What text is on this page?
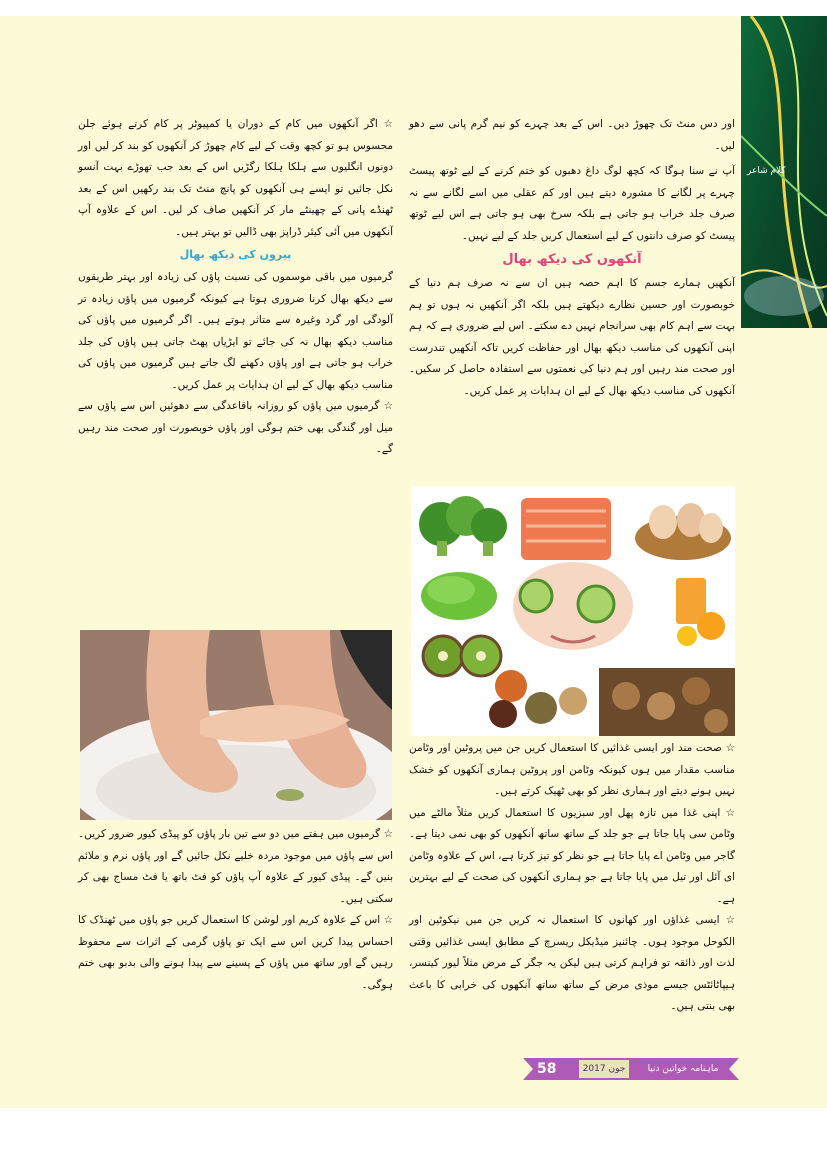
کلام شاعر

اور دس منٹ تک چھوڑ دیں۔ اس کے بعد چہرے کو نیم گرم پانی سے دھو لیں۔

آپ نے سنا ہوگا کہ کچھ لوگ داغ دھبوں کو ختم کرنے کے لیے ٹوتھ پیسٹ چہرے پر لگانے کا مشورہ دیتے ہیں اور کم عقلی میں اسے لگانے سے نہ صرف جلد خراب ہو جاتی ہے بلکہ سرخ بھی ہو جاتی ہے اس لیے ٹوتھ پیسٹ کو صرف دانتوں کے لیے استعمال کریں جلد کے لیے نہیں۔

آنکھوں کی دیکھ بھال

آنکھیں ہمارے جسم کا اہم حصہ ہیں ان سے نہ صرف ہم دنیا کے خوبصورت اور حسین نظارے دیکھتے ہیں بلکہ اگر آنکھیں نہ ہوں تو ہم بہت سے اہم کام بھی سرانجام نہیں دے سکتے۔ اس لیے ضروری ہے کہ ہم اپنی آنکھوں کی مناسب دیکھ بھال اور حفاظت کریں تاکہ آنکھیں تندرست اور صحت مند رہیں اور ہم دنیا کی نعمتوں سے استفادہ حاصل کر سکیں۔ آنکھوں کی مناسب دیکھ بھال کے لیے ان ہدایات پر عمل کریں۔

☆ صحت مند اور ایسی غذائیں کا استعمال کریں جن میں پروٹین اور وٹامن مناسب مقدار میں ہوں کیونکہ وٹامن اور پروٹین ہماری آنکھوں کو خشک نہیں ہونے دیتے اور ہماری نظر کو بھی ٹھیک کرتے ہیں۔

☆ اپنی غذا میں تازہ پھل اور سبزیوں کا استعمال کریں مثلاً مالٹے میں وٹامن سی پایا جاتا ہے جو جلد کے ساتھ ساتھ آنکھوں کو بھی نمی دیتا ہے۔ گاجر میں وٹامن اے پایا جاتا ہے جو نظر کو تیز کرتا ہے، اس کے علاوہ وٹامن ای آئل اور تیل میں پایا جاتا ہے جو ہماری آنکھوں کی صحت کے لیے بہترین ہے۔

☆ ایسی غذاؤں اور کھانوں کا استعمال نہ کریں جن میں نیکوٹین اور الکوحل موجود ہوں۔ چائنیز میڈیکل ریسرچ کے مطابق ایسی غذائیں وقتی لذت اور ذائقہ تو فراہم کرتی ہیں لیکن یہ جگر کے مرض مثلاً لیور کینسر، ہیپاٹائٹس جیسے موذی مرض کے ساتھ ساتھ آنکھوں کی خرابی کا باعث بھی بنتی ہیں۔

☆ اگر آنکھوں میں کام کے دوران یا کمپیوٹر پر کام کرتے ہوئے جلن محسوس ہو تو کچھ وقت کے لیے کام چھوڑ کر آنکھوں کو بند کر لیں اور دونوں انگلیوں سے ہلکا ہلکا رگڑیں اس کے بعد جب تھوڑے بہت آنسو نکل جائیں تو ایسے ہی آنکھوں کو پانچ منٹ تک بند رکھیں اس کے بعد ٹھنڈے پانی کے چھینٹے مار کر آنکھیں صاف کر لیں۔ اس کے علاوہ آپ آنکھوں میں آئی کیئر ڈراپز بھی ڈالیں تو بہتر ہیں۔

پیروں کی دیکھ بھال

گرمیوں میں باقی موسموں کی نسبت پاؤں کی زیادہ اور بہتر طریقوں سے دیکھ بھال کرنا ضروری ہوتا ہے کیونکہ گرمیوں میں پاؤں زیادہ تر آلودگی اور گرد وغیرہ سے متاثر ہوتے ہیں۔ اگر گرمیوں میں پاؤں کی مناسب دیکھ بھال نہ کی جائے تو ایڑیاں پھٹ جاتی ہیں پاؤں کی جلد خراب ہو جاتی ہے اور پاؤں دکھنے لگ جاتے ہیں گرمیوں میں پاؤں کی مناسب دیکھ بھال کے لیے ان ہدایات پر عمل کریں۔

☆ گرمیوں میں پاؤں کو روزانہ باقاعدگی سے دھوئیں اس سے پاؤں سے میل اور گندگی بھی ختم ہوگی اور پاؤں خوبصورت اور صحت مند رہیں گے۔

☆ گرمیوں میں ہفتے میں دو سے تین بار پاؤں کو پیڈی کیور ضرور کریں۔ اس سے پاؤں میں موجود مردہ خلیے نکل جائیں گے اور پاؤں نرم و ملائم بنیں گے۔ پیڈی کیور کے علاوہ آپ پاؤں کو فٹ باتھ یا فٹ مساج بھی کر سکتی ہیں۔

☆ اس کے علاوہ کریم اور لوشن کا استعمال کریں جو پاؤں میں ٹھنڈک کا احساس پیدا کریں اس سے ایک تو پاؤں گرمی کے اثرات سے محفوظ رہیں گے اور ساتھ میں پاؤں کے پسینے سے پیدا ہونے والی بدبو بھی ختم ہوگی۔

58	جون 2017	ماہنامہ خواتین دنیا
